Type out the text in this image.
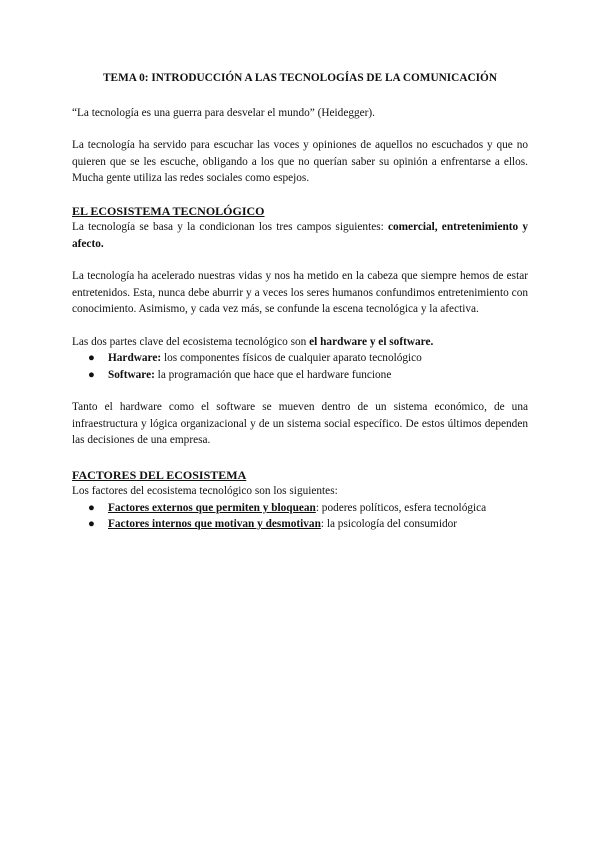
TEMA 0: INTRODUCCIÓN A LAS TECNOLOGÍAS DE LA COMUNICACIÓN

“La tecnología es una guerra para desvelar el mundo” (Heidegger).

La tecnología ha servido para escuchar las voces y opiniones de aquellos no escuchados y que no quieren que se les escuche, obligando a los que no querían saber su opinión a enfrentarse a ellos. Mucha gente utiliza las redes sociales como espejos.

EL ECOSISTEMA TECNOLÓGICO

La tecnología se basa y la condicionan los tres campos siguientes: comercial, entretenimiento y afecto.

La tecnología ha acelerado nuestras vidas y nos ha metido en la cabeza que siempre hemos de estar entretenidos. Esta, nunca debe aburrir y a veces los seres humanos confundimos entretenimiento con conocimiento. Asimismo, y cada vez más, se confunde la escena tecnológica y la afectiva.

Las dos partes clave del ecosistema tecnológico son el hardware y el software.

● Hardware: los componentes físicos de cualquier aparato tecnológico
● Software: la programación que hace que el hardware funcione

Tanto el hardware como el software se mueven dentro de un sistema económico, de una infraestructura y lógica organizacional y de un sistema social específico. De estos últimos dependen las decisiones de una empresa.

FACTORES DEL ECOSISTEMA

Los factores del ecosistema tecnológico son los siguientes:

● Factores externos que permiten y bloquean: poderes políticos, esfera tecnológica
● Factores internos que motivan y desmotivan: la psicología del consumidor
